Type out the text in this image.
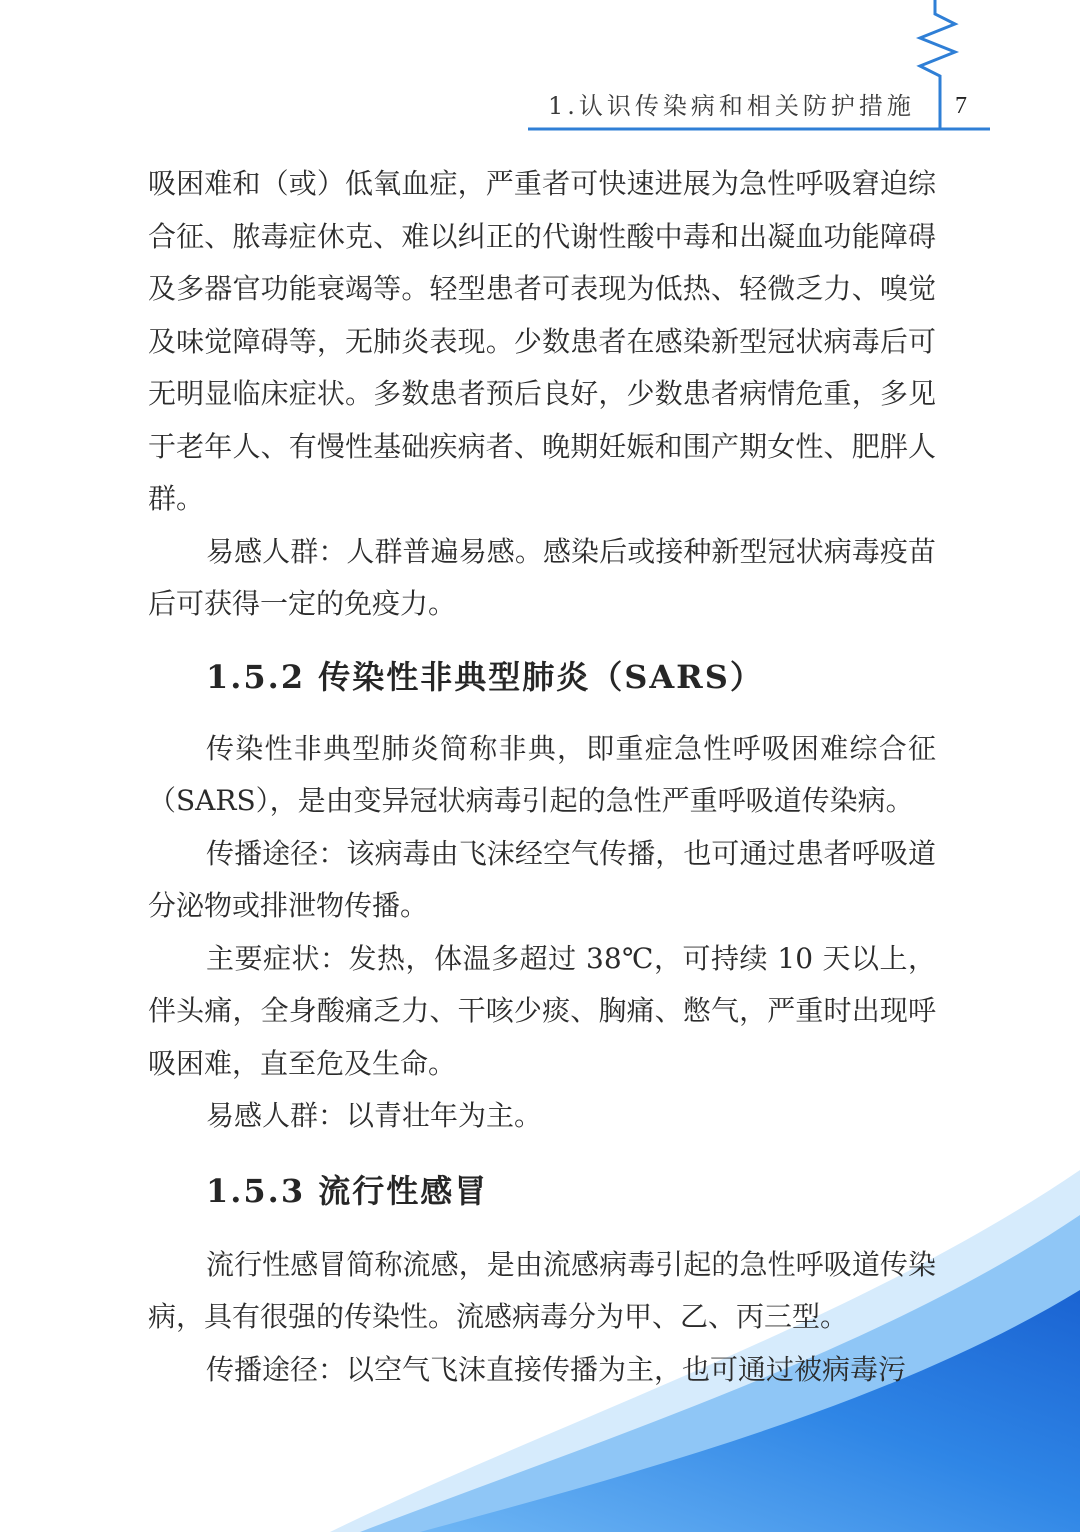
1.认识传染病和相关防护措施	7

吸困难和（或）低氧血症，严重者可快速进展为急性呼吸窘迫综合征、脓毒症休克、难以纠正的代谢性酸中毒和出凝血功能障碍及多器官功能衰竭等。轻型患者可表现为低热、轻微乏力、嗅觉及味觉障碍等，无肺炎表现。少数患者在感染新型冠状病毒后可无明显临床症状。多数患者预后良好，少数患者病情危重，多见于老年人、有慢性基础疾病者、晚期妊娠和围产期女性、肥胖人群。

易感人群：人群普遍易感。感染后或接种新型冠状病毒疫苗后可获得一定的免疫力。

1.5.2 传染性非典型肺炎（SARS）

传染性非典型肺炎简称非典，即重症急性呼吸困难综合征（SARS），是由变异冠状病毒引起的急性严重呼吸道传染病。

传播途径：该病毒由飞沫经空气传播，也可通过患者呼吸道分泌物或排泄物传播。

主要症状：发热，体温多超过 38℃，可持续 10 天以上，伴头痛，全身酸痛乏力、干咳少痰、胸痛、憋气，严重时出现呼吸困难，直至危及生命。

易感人群：以青壮年为主。

1.5.3 流行性感冒

流行性感冒简称流感，是由流感病毒引起的急性呼吸道传染病，具有很强的传染性。流感病毒分为甲、乙、丙三型。

传播途径：以空气飞沫直接传播为主，也可通过被病毒污
